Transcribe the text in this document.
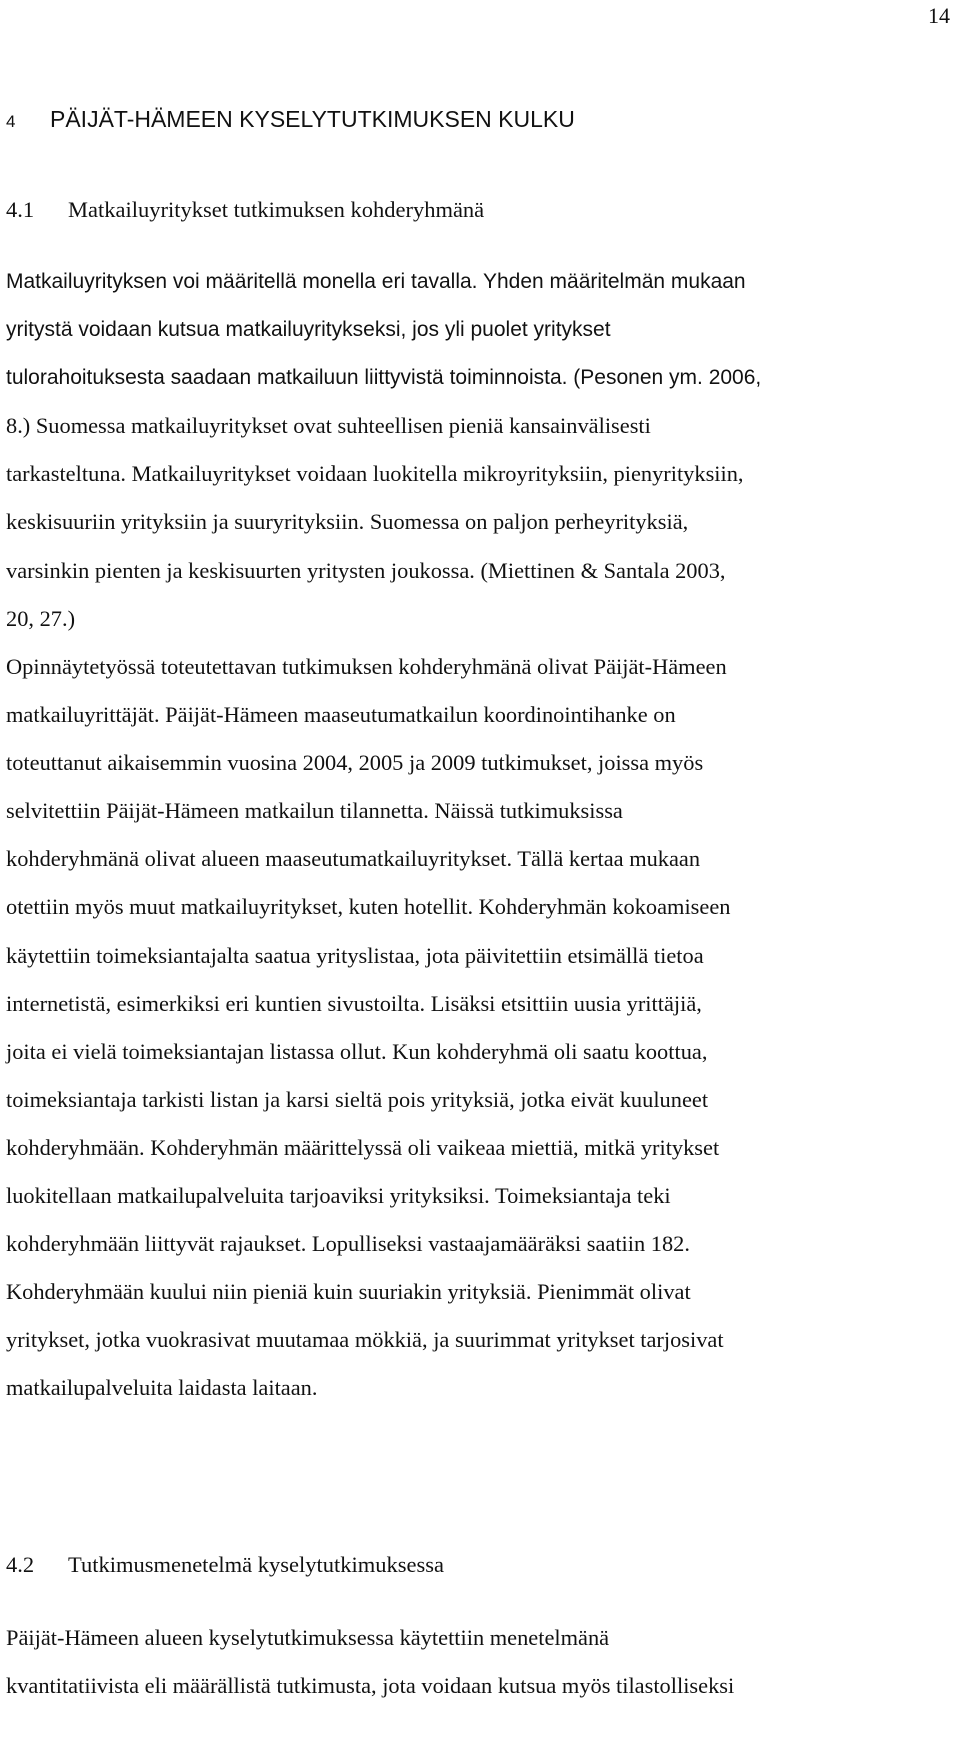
14
4 PÄIJÄT-HÄMEEN KYSELYTUTKIMUKSEN KULKU
4.1 Matkailuyritykset tutkimuksen kohderyhmänä

Matkailuyrityksen voi määritellä monella eri tavalla. Yhden määritelmän mukaan
yritystä voidaan kutsua matkailuyritykseksi, jos yli puolet yritykset
tulorahoituksesta saadaan matkailuun liittyvistä toiminnoista. (Pesonen ym. 2006,
8.) Suomessa matkailuyritykset ovat suhteellisen pieniä kansainvälisesti
tarkasteltuna. Matkailuyritykset voidaan luokitella mikroyrityksiin, pienyrityksiin,
keskisuuriin yrityksiin ja suuryrityksiin. Suomessa on paljon perheyrityksiä,
varsinkin pienten ja keskisuurten yritysten joukossa. (Miettinen & Santala 2003,
20, 27.)

Opinnäytetyössä toteutettavan tutkimuksen kohderyhmänä olivat Päijät-Hämeen
matkailuyrittäjät. Päijät-Hämeen maaseutumatkailun koordinointihanke on
toteuttanut aikaisemmin vuosina 2004, 2005 ja 2009 tutkimukset, joissa myös
selvitettiin Päijät-Hämeen matkailun tilannetta. Näissä tutkimuksissa
kohderyhmänä olivat alueen maaseutumatkailuyritykset. Tällä kertaa mukaan
otettiin myös muut matkailuyritykset, kuten hotellit. Kohderyhmän kokoamiseen
käytettiin toimeksiantajalta saatua yrityslistaa, jota päivitettiin etsimällä tietoa
internetistä, esimerkiksi eri kuntien sivustoilta. Lisäksi etsittiin uusia yrittäjiä,
joita ei vielä toimeksiantajan listassa ollut. Kun kohderyhmä oli saatu koottua,
toimeksiantaja tarkisti listan ja karsi sieltä pois yrityksiä, jotka eivät kuuluneet
kohderyhmään. Kohderyhmän määrittelyssä oli vaikeaa miettiä, mitkä yritykset
luokitellaan matkailupalveluita tarjoaviksi yrityksiksi. Toimeksiantaja teki
kohderyhmään liittyvät rajaukset. Lopulliseksi vastaajamääräksi saatiin 182.
Kohderyhmään kuului niin pieniä kuin suuriakin yrityksiä. Pienimmät olivat
yritykset, jotka vuokrasivat muutamaa mökkiä, ja suurimmat yritykset tarjosivat
matkailupalveluita laidasta laitaan.

4.2 Tutkimusmenetelmä kyselytutkimuksessa

Päijät-Hämeen alueen kyselytutkimuksessa käytettiin menetelmänä
kvantitatiivista eli määrällistä tutkimusta, jota voidaan kutsua myös tilastolliseksi
